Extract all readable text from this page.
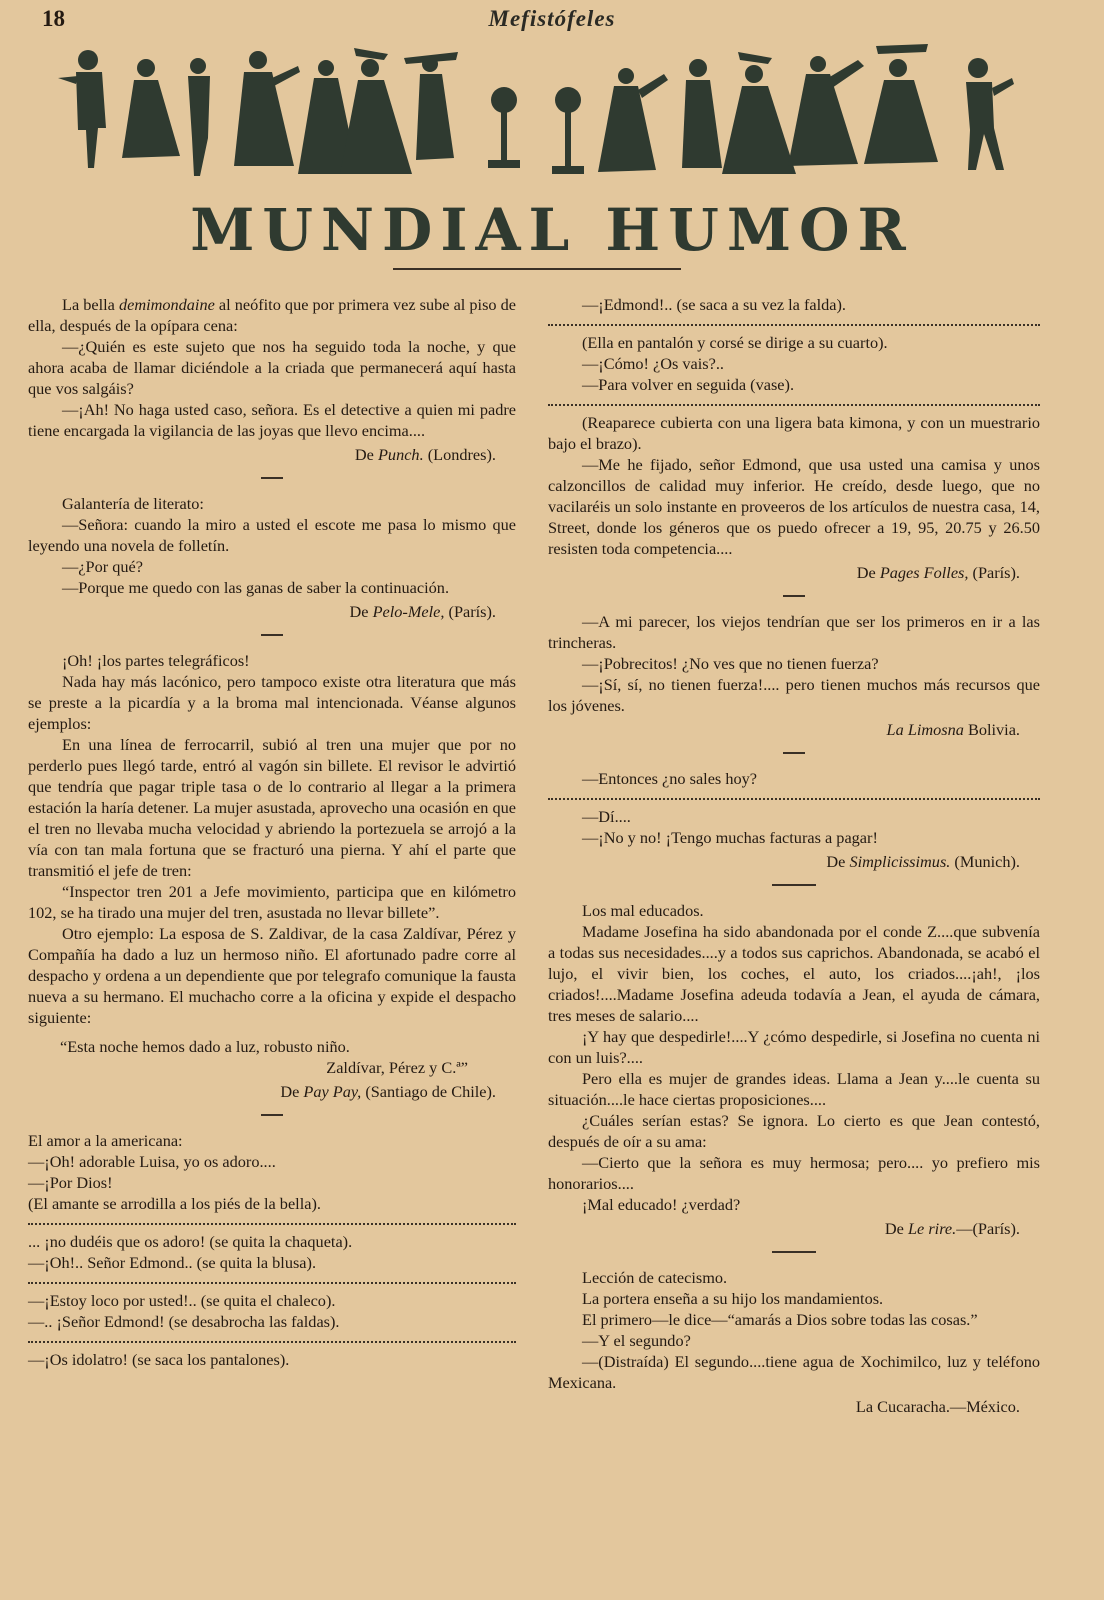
18	Mefistófeles
MUNDIAL HUMOR

La bella demimondaine al neófito que por primera vez sube al piso de ella, después de la opípara cena:

—¿Quién es este sujeto que nos ha seguido toda la noche, y que ahora acaba de llamar diciéndole a la criada que permanecerá aquí hasta que vos salgáis?

—¡Ah! No haga usted caso, señora. Es el detective a quien mi padre tiene encargada la vigilancia de las joyas que llevo encima....

De Punch. (Londres).

Galantería de literato:

—Señora: cuando la miro a usted el escote me pasa lo mismo que leyendo una novela de folletín.

—¿Por qué?

—Porque me quedo con las ganas de saber la continuación.

De Pelo-Mele, (París).

¡Oh! ¡los partes telegráficos!

Nada hay más lacónico, pero tampoco existe otra literatura que más se preste a la picardía y a la broma mal intencionada. Véanse algunos ejemplos:

En una línea de ferrocarril, subió al tren una mujer que por no perderlo pues llegó tarde, entró al vagón sin billete. El revisor le advirtió que tendría que pagar triple tasa o de lo contrario al llegar a la primera estación la haría detener. La mujer asustada, aprovecho una ocasión en que el tren no llevaba mucha velocidad y abriendo la portezuela se arrojó a la vía con tan mala fortuna que se fracturó una pierna. Y ahí el parte que transmitió el jefe de tren:

“Inspector tren 201 a Jefe movimiento, participa que en kilómetro 102, se ha tirado una mujer del tren, asustada no llevar billete”.

Otro ejemplo: La esposa de S. Zaldivar, de la casa Zaldívar, Pérez y Compañía ha dado a luz un hermoso niño. El afortunado padre corre al despacho y ordena a un dependiente que por telegrafo comunique la fausta nueva a su hermano. El muchacho corre a la oficina y expide el despacho siguiente:

“Esta noche hemos dado a luz, robusto niño.

Zaldívar, Pérez y C.ª”

De Pay Pay, (Santiago de Chile).

El amor a la americana:

—¡Oh! adorable Luisa, yo os adoro....

—¡Por Dios!

(El amante se arrodilla a los piés de la bella).

... ¡no dudéis que os adoro! (se quita la chaqueta).

—¡Oh!.. Señor Edmond.. (se quita la blusa).

—¡Estoy loco por usted!.. (se quita el chaleco).

—.. ¡Señor Edmond! (se desabrocha las faldas).

—¡Os idolatro! (se saca los pantalones).

—¡Edmond!.. (se saca a su vez la falda).

(Ella en pantalón y corsé se dirige a su cuarto).

—¡Cómo! ¿Os vais?..

—Para volver en seguida (vase).

(Reaparece cubierta con una ligera bata kimona, y con un muestrario bajo el brazo).

—Me he fijado, señor Edmond, que usa usted una camisa y unos calzoncillos de calidad muy inferior. He creído, desde luego, que no vacilaréis un solo instante en proveeros de los artículos de nuestra casa, 14, Street, donde los géneros que os puedo ofrecer a 19, 95, 20.75 y 26.50 resisten toda competencia....

De Pages Folles, (París).

—A mi parecer, los viejos tendrían que ser los primeros en ir a las trincheras.

—¡Pobrecitos! ¿No ves que no tienen fuerza?

—¡Sí, sí, no tienen fuerza!.... pero tienen muchos más recursos que los jóvenes.

La Limosna Bolivia.

—Entonces ¿no sales hoy?

—Dí....

—¡No y no! ¡Tengo muchas facturas a pagar!

De Simplicissimus. (Munich).

Los mal educados.

Madame Josefina ha sido abandonada por el conde Z....que subvenía a todas sus necesidades....y a todos sus caprichos. Abandonada, se acabó el lujo, el vivir bien, los coches, el auto, los criados....¡ah!, ¡los criados!....Madame Josefina adeuda todavía a Jean, el ayuda de cámara, tres meses de salario....

¡Y hay que despedirle!....Y ¿cómo despedirle, si Josefina no cuenta ni con un luis?....

Pero ella es mujer de grandes ideas. Llama a Jean y....le cuenta su situación....le hace ciertas proposiciones....

¿Cuáles serían estas? Se ignora. Lo cierto es que Jean contestó, después de oír a su ama:

—Cierto que la señora es muy hermosa; pero.... yo prefiero mis honorarios....

¡Mal educado! ¿verdad?

De Le rire.—(París).

Lección de catecismo.

La portera enseña a su hijo los mandamientos.

El primero—le dice—“amarás a Dios sobre todas las cosas.”

—Y el segundo?

—(Distraída) El segundo....tiene agua de Xochimilco, luz y teléfono Mexicana.

La Cucaracha.—México.
